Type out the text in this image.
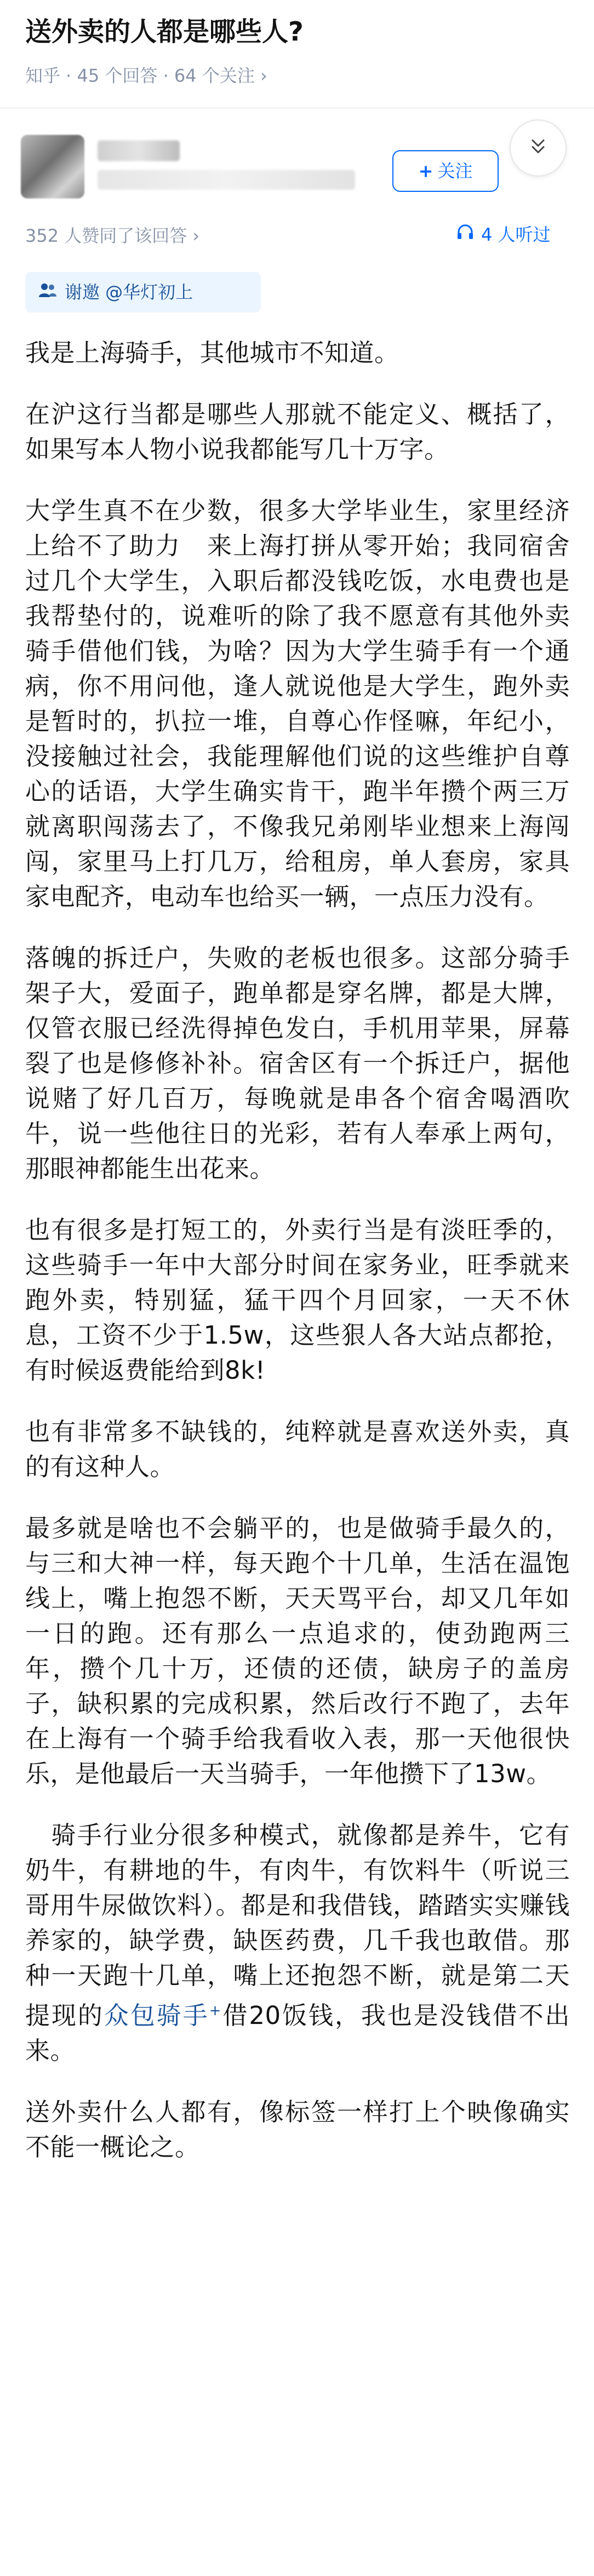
送外卖的人都是哪些人?
知乎 · 45 个回答 · 64 个关注 ›
+ 关注
352 人赞同了该回答 ›	4 人听过
谢邀 @华灯初上

我是上海骑手，其他城市不知道。

在沪这行当都是哪些人那就不能定义、概括了，如果写本人物小说我都能写几十万字。

大学生真不在少数，很多大学毕业生，家里经济上给不了助力　来上海打拼从零开始；我同宿舍过几个大学生，入职后都没钱吃饭，水电费也是我帮垫付的，说难听的除了我不愿意有其他外卖骑手借他们钱，为啥？因为大学生骑手有一个通病，你不用问他，逢人就说他是大学生，跑外卖是暂时的，扒拉一堆，自尊心作怪嘛，年纪小，没接触过社会，我能理解他们说的这些维护自尊心的话语，大学生确实肯干，跑半年攒个两三万就离职闯荡去了，不像我兄弟刚毕业想来上海闯闯，家里马上打几万，给租房，单人套房，家具家电配齐，电动车也给买一辆，一点压力没有。

落魄的拆迁户，失败的老板也很多。这部分骑手架子大，爱面子，跑单都是穿名牌，都是大牌，仅管衣服已经洗得掉色发白，手机用苹果，屏幕裂了也是修修补补。宿舍区有一个拆迁户，据他说赌了好几百万，每晚就是串各个宿舍喝酒吹牛，说一些他往日的光彩，若有人奉承上两句，那眼神都能生出花来。

也有很多是打短工的，外卖行当是有淡旺季的，这些骑手一年中大部分时间在家务业，旺季就来跑外卖，特别猛，猛干四个月回家，一天不休息，工资不少于1.5w，这些狠人各大站点都抢，有时候返费能给到8k!

也有非常多不缺钱的，纯粹就是喜欢送外卖，真的有这种人。

最多就是啥也不会躺平的，也是做骑手最久的，与三和大神一样，每天跑个十几单，生活在温饱线上，嘴上抱怨不断，天天骂平台，却又几年如一日的跑。还有那么一点追求的，使劲跑两三年，攒个几十万，还债的还债，缺房子的盖房子，缺积累的完成积累，然后改行不跑了，去年在上海有一个骑手给我看收入表，那一天他很快乐，是他最后一天当骑手，一年他攒下了13w。

　骑手行业分很多种模式，就像都是养牛，它有奶牛，有耕地的牛，有肉牛，有饮料牛（听说三哥用牛尿做饮料）。都是和我借钱，踏踏实实赚钱养家的，缺学费，缺医药费，几千我也敢借。那种一天跑十几单，嘴上还抱怨不断，就是第二天提现的众包骑手+借20饭钱，我也是没钱借不出来。

送外卖什么人都有，像标签一样打上个映像确实不能一概论之。
